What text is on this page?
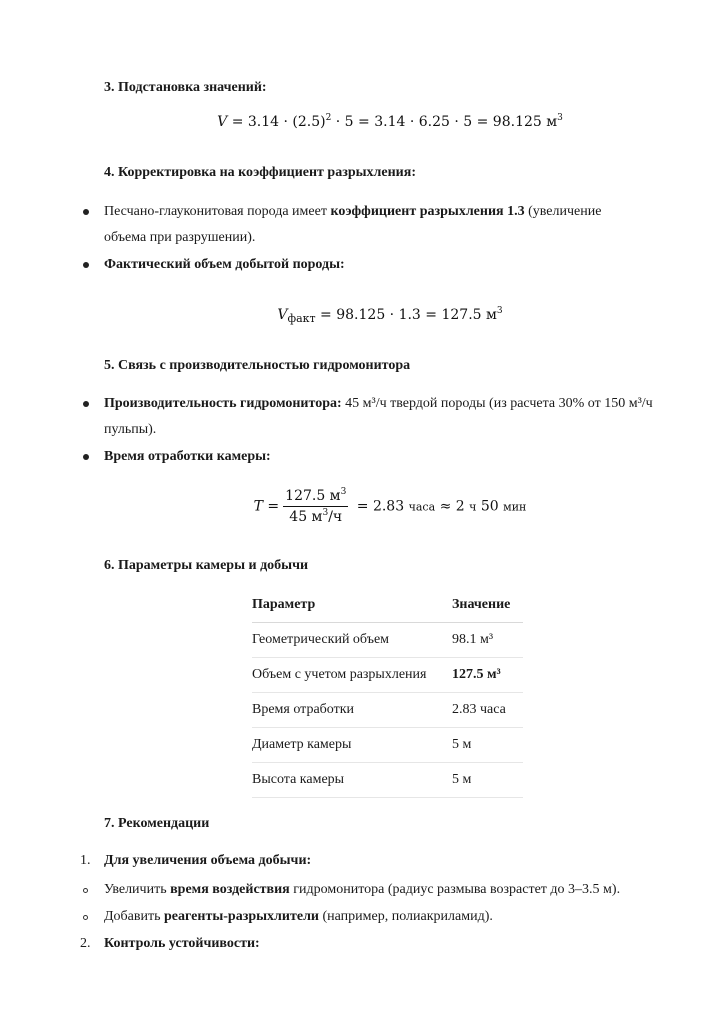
3. Подстановка значений:
$V = 3.14 \cdot (2.5)^2 \cdot 5 = 3.14 \cdot 6.25 \cdot 5 = 98.125$ $м^3$
4. Корректировка на коэффициент разрыхления:
Песчано-глауконитовая порода имеет коэффициент разрыхления 1.3 (увеличение объема при разрушении).
Фактический объем добытой породы:
$V_{факт} = 98.125 \cdot 1.3 = 127.5$ $м^3$
5. Связь с производительностью гидромонитора
Производительность гидромонитора: 45 м³/ч твердой породы (из расчета 30% от 150 м³/ч пульпы).
Время отработки камеры:
$T = \frac{127.5 м^3}{45 м^3/ч} = 2.83$ часа ≈ 2 ч 50 мин
6. Параметры камеры и добычи
Параметр	Значение
Геометрический объем	98.1 м³
Объем с учетом разрыхления	127.5 м³
Время отработки	2.83 часа
Диаметр камеры	5 м
Высота камеры	5 м
7. Рекомендации
1. Для увеличения объема добычи:
Увеличить время воздействия гидромонитора (радиус размыва возрастет до 3–3.5 м).
Добавить реагенты-разрыхлители (например, полиакриламид).
2. Контроль устойчивости:
